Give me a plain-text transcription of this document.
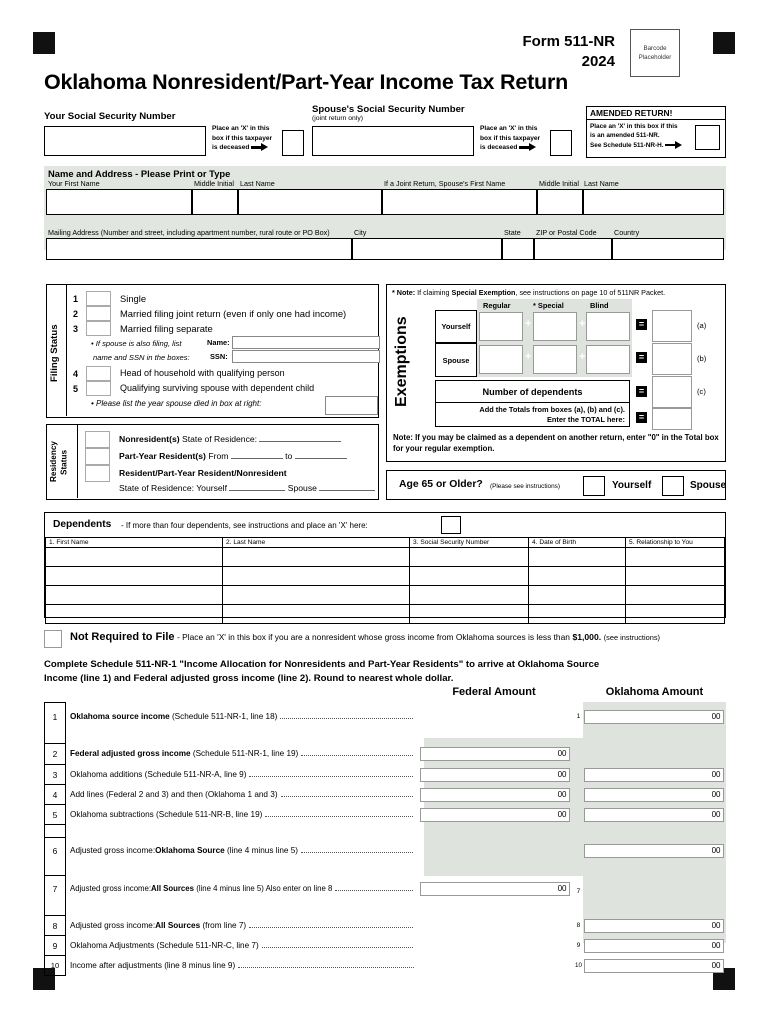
Form 511-NR
2024
Barcode
Placeholder
Oklahoma Nonresident/Part-Year Income Tax Return
Your Social Security Number
Place an 'X' in this
box if this taxpayer
is deceased
Spouse's Social Security Number
(joint return only)
Place an 'X' in this
box if this taxpayer
is deceased
AMENDED RETURN!
Place an 'X' in this box if this
is an amended 511-NR.
See Schedule 511-NR-H.
Name and Address - Please Print or Type
Your First Name	Middle Initial Last Name	If a Joint Return, Spouse's First Name	Middle Initial Last Name
Mailing Address (Number and street, including apartment number, rural route or PO Box)	City	State ZIP or Postal Code Country
Filing Status
1	Single
2	Married filing joint return (even if only one had income)
3	Married filing separate
• If spouse is also filing, list	Name:
name and SSN in the boxes:	SSN:
4	Head of household with qualifying person
5	Qualifying surviving spouse with dependent child
• Please list the year spouse died in box at right:
* Note: If claiming Special Exemption, see instructions on page 10 of 511NR Packet.
Exemptions
Regular	* Special	Blind
Yourself	+	+	=	(a)
Spouse	+	+	=	(b)
Number of dependents	=	(c)
Add the Totals from boxes (a), (b) and (c).
Enter the TOTAL here:	=
Note: If you may be claimed as a dependent on another return, enter "0" in the Total box for your regular exemption.
Residency Status
Nonresident(s) State of Residence:
Part-Year Resident(s) From	to
Resident/Part-Year Resident/Nonresident
State of Residence: Yourself	Spouse	Age 65 or Older? (Please see instructions)	Yourself	Spouse
Dependents - If more than four dependents, see instructions and place an 'X' here:
1. First Name	2. Last Name	3. Social Security Number	4. Date of Birth	5. Relationship to You

Not Required to File - Place an 'X' in this box if you are a nonresident whose gross income from Oklahoma sources is less than $1,000. (see instructions)
Complete Schedule 511-NR-1 "Income Allocation for Nonresidents and Part-Year Residents" to arrive at Oklahoma Source
Income (line 1) and Federal adjusted gross income (line 2). Round to nearest whole dollar.
Federal Amount	Oklahoma Amount
1	Oklahoma source income
(Schedule 511-NR-1, line 18)		1 00

2	Federal adjusted gross income
(Schedule 511-NR-1, line 19)	00

3	Oklahoma additions (Schedule 511-NR-A, line 9)	00	00

4	Add lines (Federal 2 and 3) and then (Oklahoma 1 and 3)	00	00

5	Oklahoma subtractions (Schedule 511-NR-B, line 19)	00	00

6	Adjusted gross income: Oklahoma Source
(line 4 minus line 5)		00

7	Adjusted gross income: All Sources
(line 4 minus line 5) Also enter on line 8	00	7

8	Adjusted gross income: All Sources
(from line 7)		8 00

9	Oklahoma Adjustments (Schedule 511-NR-C, line 7)		9 00

10	Income after adjustments (line 8 minus line 9)		10 00
